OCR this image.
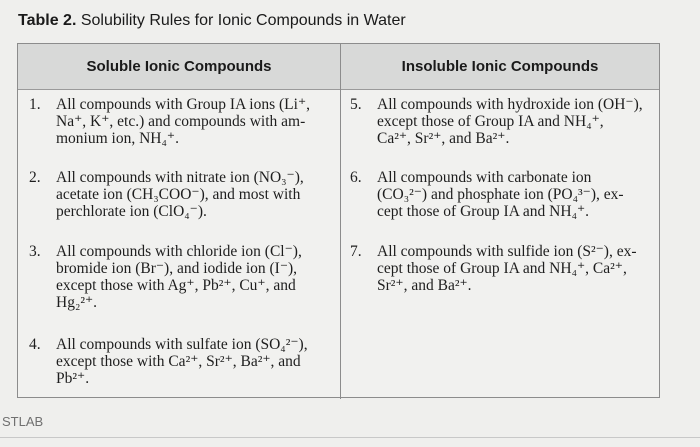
Table 2. Solubility Rules for Ionic Compounds in Water
Soluble Ionic Compounds	Insoluble Ionic Compounds
1. All compounds with Group IA ions (Li⁺,
Na⁺, K⁺, etc.) and compounds with am-
monium ion, NH₄⁺.
2. All compounds with nitrate ion (NO₃⁻),
acetate ion (CH₃COO⁻), and most with
perchlorate ion (ClO₄⁻).
3. All compounds with chloride ion (Cl⁻),
bromide ion (Br⁻), and iodide ion (I⁻),
except those with Ag⁺, Pb²⁺, Cu⁺, and
Hg₂²⁺.
4. All compounds with sulfate ion (SO₄²⁻),
except those with Ca²⁺, Sr²⁺, Ba²⁺, and
Pb²⁺.
5. All compounds with hydroxide ion (OH⁻),
except those of Group IA and NH₄⁺,
Ca²⁺, Sr²⁺, and Ba²⁺.
6. All compounds with carbonate ion
(CO₃²⁻) and phosphate ion (PO₄³⁻), ex-
cept those of Group IA and NH₄⁺.
7. All compounds with sulfide ion (S²⁻), ex-
cept those of Group IA and NH₄⁺, Ca²⁺,
Sr²⁺, and Ba²⁺.
STLAB
